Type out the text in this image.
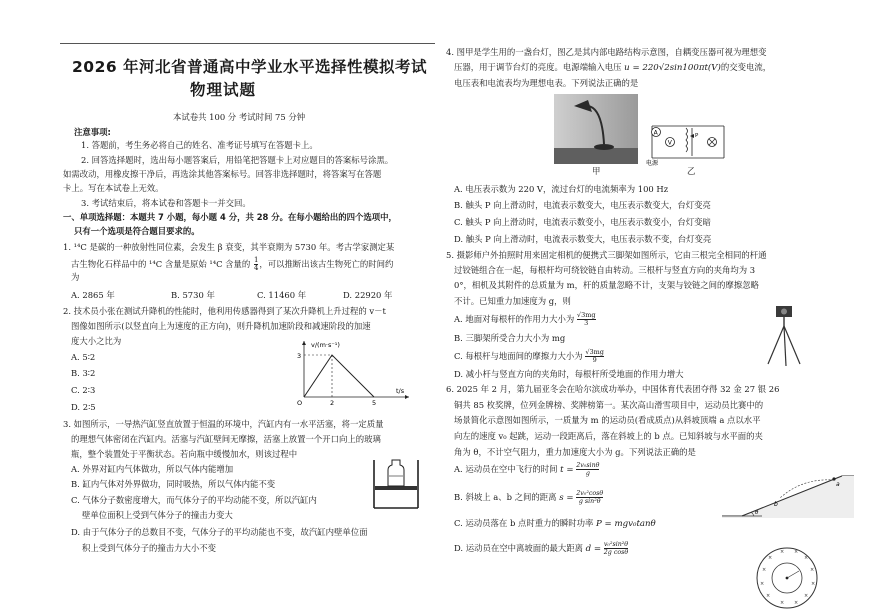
2026 年河北省普通高中学业水平选择性模拟考试
物理试题
本试卷共 100 分 考试时间 75 分钟
注意事项:
1. 答题前，考生务必将自己的姓名、准考证号填写在答题卡上。
2. 回答选择题时，选出每小题答案后，用铅笔把答题卡上对应题目的答案标号涂黑。
如需改动，用橡皮擦干净后，再选涂其他答案标号。回答非选择题时，将答案写在答题
卡上。写在本试卷上无效。
3. 考试结束后，将本试卷和答题卡一并交回。
一、单项选择题：本题共 7 小题，每小题 4 分，共 28 分。在每小题给出的四个选项中，
只有一个选项是符合题目要求的。
1. ¹⁴C 是碳的一种放射性同位素，会发生 β 衰变，其半衰期为 5730 年。考古学家测定某
古生物化石样品中的 ¹⁴C 含量是原始 ¹⁴C 含量的 $\frac{1}{4}$ ，可以推断出该古生物死亡的时间约
为
A. 2865 年	B. 5730 年	C. 11460 年	D. 22920 年
2. 技术员小张在测试升降机的性能时，他利用传感器得到了某次升降机上升过程的 v－t
图像如图所示(以竖直向上为速度的正方向)，则升降机加速阶段和减速阶段的加速
度大小之比为
A. 5∶2
B. 3∶2
C. 2∶3
D. 2∶5
v/(m·s⁻¹)
t/s
O
3
2	5
3. 如图所示，一导热汽缸竖直放置于恒温的环境中，汽缸内有一水平活塞，将一定质量
的理想气体密闭在汽缸内。活塞与汽缸壁间无摩擦，活塞上放置一个开口向上的玻璃
瓶，整个装置处于平衡状态。若向瓶中缓慢加水，则该过程中
A. 外界对缸内气体做功，所以气体内能增加
B. 缸内气体对外界做功，同时吸热，所以气体内能不变
C. 气体分子数密度增大，而气体分子的平均动能不变，所以汽缸内
壁单位面积上受到气体分子的撞击力变大
D. 由于气体分子的总数目不变，气体分子的平均动能也不变，故汽缸内壁单位面
积上受到气体分子的撞击力大小不变
4. 图甲是学生用的一盏台灯，图乙是其内部电路结构示意图，自耦变压器可视为理想变
压器，用于调节台灯的亮度。电源端输入电压 u = 220√2sin100πt(V)的交变电流，
电压表和电流表均为理想电表。下列说法正确的是
甲
A
V
P
电源
乙
A. 电压表示数为 220 V，流过台灯的电流频率为 100 Hz
B. 触头 P 向上滑动时，电流表示数变大，电压表示数变大，台灯变亮
C. 触头 P 向上滑动时，电流表示数变小，电压表示数变小，台灯变暗
D. 触头 P 向上滑动时，电流表示数变大，电压表示数不变，台灯变亮
5. 摄影师户外拍照时用来固定相机的便携式三脚架如图所示，它由三根完全相同的杆通
过铰链组合在一起，每根杆均可绕铰链自由转动。三根杆与竖直方向的夹角均为 3
0°，相机及其附件的总质量为 m，杆的质量忽略不计，支架与铰链之间的摩擦忽略
不计。已知重力加速度为 g，则
A. 地面对每根杆的作用力大小为 $\frac{√3mg}{3}$
B. 三脚架所受合力大小为 mg
C. 每根杆与地面间的摩擦力大小为 $\frac{√3mg}{9}$
D. 减小杆与竖直方向的夹角时，每根杆所受地面的作用力增大
6. 2025 年 2 月，第九届亚冬会在哈尔滨成功举办，中国体育代表团夺得 32 金 27 银 26
铜共 85 枚奖牌，位列金牌榜、奖牌榜第一。某次高山滑雪项目中，运动员比赛中的
场景简化示意图如图所示，一质量为 m 的运动员(看成质点)从斜坡顶端 a 点以水平
向左的速度 v₀ 起跳，运动一段距离后，落在斜坡上的 b 点。已知斜坡与水平面的夹
角为 θ，不计空气阻力，重力加速度大小为 g。下列说法正确的是
A. 运动员在空中飞行的时间 $t = \frac{\text{2v₀sinθ}}{g}$
B. 斜坡上 a、b 之间的距离 $s = \frac{\text{2v₀²cosθ}}{\text{g sin²θ}}$
C. 运动员落在 b 点时重力的瞬时功率 P = mgv₀tanθ
D. 运动员在空中离坡面的最大距离 $d = \frac{\text{v₀²sin²θ}}{\text{2g cosθ}}$
a
b
θ
×
× ×
×
×	×
×	×
×	×
× ×
